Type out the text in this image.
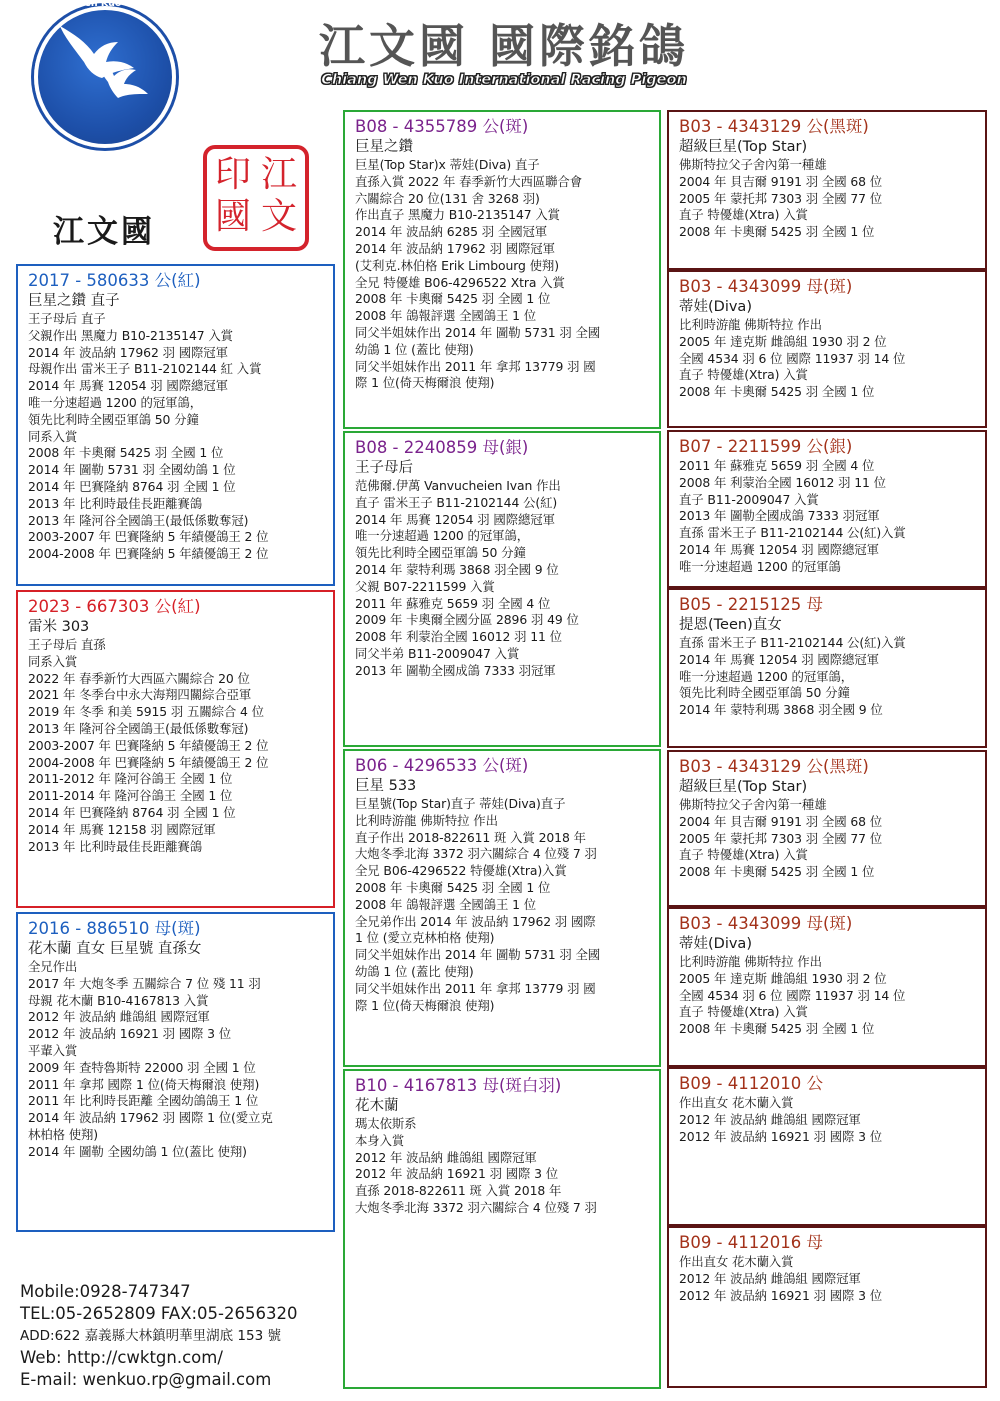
Chiang Wen Kuo International Racing Pigeon
江文國 國際銘鴿
Chiang Wen Kuo International Racing Pigeon
江
文
國
印
江文國
2017 - 580633 公(紅)
巨星之鑽 直子
王子母后 直子
父親作出 黑魔力 B10-2135147 入賞
2014 年 波品納 17962 羽 國際冠軍
母親作出 雷米王子 B11-2102144 紅 入賞
2014 年 馬賽 12054 羽 國際總冠軍
唯一分速超過 1200 的冠軍鴿，
領先比利時全國亞軍鴿 50 分鐘
同系入賞
2008 年 卡奧爾 5425 羽 全國 1 位
2014 年 圖勒 5731 羽 全國幼鴿 1 位
2014 年 巴賽隆納 8764 羽 全國 1 位
2013 年 比利時最佳長距離賽鴿
2013 年 隆河谷全國鴿王(最低係數奪冠)
2003-2007 年 巴賽隆納 5 年績優鴿王 2 位
2004-2008 年 巴賽隆納 5 年績優鴿王 2 位
2023 - 667303 公(紅)
雷米 303
王子母后 直孫
同系入賞
2022 年 春季新竹大西區六關綜合 20 位
2021 年 冬季台中永大海翔四關綜合亞軍
2019 年 冬季 和美 5915 羽 五關綜合 4 位
2013 年 隆河谷全國鴿王(最低係數奪冠)
2003-2007 年 巴賽隆納 5 年績優鴿王 2 位
2004-2008 年 巴賽隆納 5 年績優鴿王 2 位
2011-2012 年 隆河谷鴿王 全國 1 位
2011-2014 年 隆河谷鴿王 全國 1 位
2014 年 巴賽隆納 8764 羽 全國 1 位
2014 年 馬賽 12158 羽 國際冠軍
2013 年 比利時最佳長距離賽鴿
2016 - 886510 母(斑)
花木蘭 直女 巨星號 直孫女
全兄作出
2017 年 大炮冬季 五關綜合 7 位 殘 11 羽
母親 花木蘭 B10-4167813 入賞
2012 年 波品納 雌鴿組 國際冠軍
2012 年 波品納 16921 羽 國際 3 位
平輩入賞
2009 年 查特魯斯特 22000 羽 全國 1 位
2011 年 拿邦 國際 1 位(倚天梅爾浪 使翔)
2011 年 比利時長距離 全國幼鴿鴿王 1 位
2014 年 波品納 17962 羽 國際 1 位(愛立克
林柏格 使翔)
2014 年 圖勒 全國幼鴿 1 位(蓋比 使翔)
B08 - 4355789 公(斑)
巨星之鑽
巨星(Top Star)x 蒂娃(Diva) 直子
直孫入賞 2022 年 春季新竹大西區聯合會
六關綜合 20 位(131 舍 3268 羽)
作出直子 黑魔力 B10-2135147 入賞
2014 年 波品納 6285 羽 全國冠軍
2014 年 波品納 17962 羽 國際冠軍
(艾利克.林伯格 Erik Limbourg 使翔)
全兄 特優雄 B06-4296522 Xtra 入賞
2008 年 卡奧爾 5425 羽 全國 1 位
2008 年 鴿報評選 全國鴿王 1 位
同父半姐妹作出 2014 年 圖勒 5731 羽 全國
幼鴿 1 位 (蓋比 使翔)
同父半姐妹作出 2011 年 拿邦 13779 羽 國
際 1 位(倚天梅爾浪 使翔)
B08 - 2240859 母(銀)
王子母后
范佛爾.伊萬 Vanvucheien Ivan 作出
直子 雷米王子 B11-2102144 公(紅)
2014 年 馬賽 12054 羽 國際總冠軍
唯一分速超過 1200 的冠軍鴿，
領先比利時全國亞軍鴿 50 分鐘
2014 年 蒙特利瑪 3868 羽全國 9 位
父親 B07-2211599 入賞
2011 年 蘇雅克 5659 羽 全國 4 位
2009 年 卡奧爾全國分區 2896 羽 49 位
2008 年 利蒙治全國 16012 羽 11 位
同父半弟 B11-2009047 入賞
2013 年 圖勒全國成鴿 7333 羽冠軍
B06 - 4296533 公(斑)
巨星 533
巨星號(Top Star)直子 蒂娃(Diva)直子
比利時游龍 佛斯特拉 作出
直子作出 2018-822611 斑 入賞 2018 年
大炮冬季北海 3372 羽六關綜合 4 位殘 7 羽
全兄 B06-4296522 特優雄(Xtra)入賞
2008 年 卡奧爾 5425 羽 全國 1 位
2008 年 鴿報評選 全國鴿王 1 位
全兄弟作出 2014 年 波品納 17962 羽 國際
1 位 (愛立克林柏格 使翔)
同父半姐妹作出 2014 年 圖勒 5731 羽 全國
幼鴿 1 位 (蓋比 使翔)
同父半姐妹作出 2011 年 拿邦 13779 羽 國
際 1 位(倚天梅爾浪 使翔)
B10 - 4167813 母(斑白羽)
花木蘭
瑪太依斯系
本身入賞
2012 年 波品納 雌鴿組 國際冠軍
2012 年 波品納 16921 羽 國際 3 位
直孫 2018-822611 斑 入賞 2018 年
大炮冬季北海 3372 羽六關綜合 4 位殘 7 羽
B03 - 4343129 公(黑斑)
超級巨星(Top Star)
佛斯特拉父子舍內第一種雄
2004 年 貝吉爾 9191 羽 全國 68 位
2005 年 蒙托邦 7303 羽 全國 77 位
直子 特優雄(Xtra) 入賞
2008 年 卡奧爾 5425 羽 全國 1 位
B03 - 4343099 母(斑)
蒂娃(Diva)
比利時游龍 佛斯特拉 作出
2005 年 達克斯 雌鴿組 1930 羽 2 位
全國 4534 羽 6 位 國際 11937 羽 14 位
直子 特優雄(Xtra) 入賞
2008 年 卡奧爾 5425 羽 全國 1 位
B07 - 2211599 公(銀)
2011 年 蘇雅克 5659 羽 全國 4 位
2008 年 利蒙治全國 16012 羽 11 位
直子 B11-2009047 入賞
2013 年 圖勒全國成鴿 7333 羽冠軍
直孫 雷米王子 B11-2102144 公(紅)入賞
2014 年 馬賽 12054 羽 國際總冠軍
唯一分速超過 1200 的冠軍鴿
B05 - 2215125 母
提恩(Teen)直女
直孫 雷米王子 B11-2102144 公(紅)入賞
2014 年 馬賽 12054 羽 國際總冠軍
唯一分速超過 1200 的冠軍鴿，
領先比利時全國亞軍鴿 50 分鐘
2014 年 蒙特利瑪 3868 羽全國 9 位
B03 - 4343129 公(黑斑)
超級巨星(Top Star)
佛斯特拉父子舍內第一種雄
2004 年 貝吉爾 9191 羽 全國 68 位
2005 年 蒙托邦 7303 羽 全國 77 位
直子 特優雄(Xtra) 入賞
2008 年 卡奧爾 5425 羽 全國 1 位
B03 - 4343099 母(斑)
蒂娃(Diva)
比利時游龍 佛斯特拉 作出
2005 年 達克斯 雌鴿組 1930 羽 2 位
全國 4534 羽 6 位 國際 11937 羽 14 位
直子 特優雄(Xtra) 入賞
2008 年 卡奧爾 5425 羽 全國 1 位
B09 - 4112010 公
作出直女 花木蘭入賞
2012 年 波品納 雌鴿組 國際冠軍
2012 年 波品納 16921 羽 國際 3 位
B09 - 4112016 母
作出直女 花木蘭入賞
2012 年 波品納 雌鴿組 國際冠軍
2012 年 波品納 16921 羽 國際 3 位
Mobile:0928-747347
TEL:05-2652809 FAX:05-2656320
ADD:622 嘉義縣大林鎮明華里湖底 153 號
Web: http://cwktgn.com/
E-mail: wenkuo.rp@gmail.com
